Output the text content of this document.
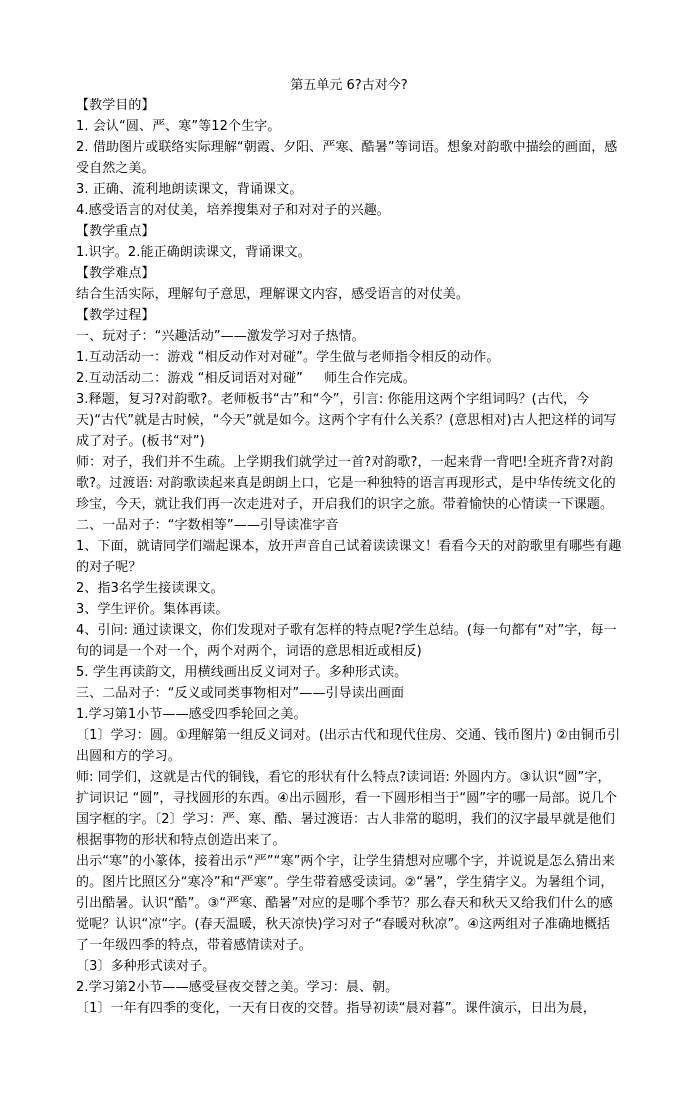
第五单元 6?古对今?
【教学目的】
1. 会认“圆、严、寒”等12个生字。
2. 借助图片或联络实际理解“朝霞、夕阳、严寒、酷暑”等词语。想象对韵歌中描绘的画面，感受自然之美。
3. 正确、流利地朗读课文，背诵课文。
4.感受语言的对仗美，培养搜集对子和对对子的兴趣。
【教学重点】
1.识字。2.能正确朗读课文，背诵课文。
【教学难点】
结合生活实际，理解句子意思，理解课文内容，感受语言的对仗美。
【教学过程】
一、玩对子：“兴趣活动”——激发学习对子热情。
1.互动活动一：游戏 “相反动作对对碰”。学生做与老师指令相反的动作。
2.互动活动二：游戏 “相反词语对对碰”     师生合作完成。
3.释题，复习?对韵歌?。老师板书“古”和“今”，引言: 你能用这两个字组词吗？(古代，今天)“古代”就是古时候，“今天”就是如今。这两个字有什么关系？(意思相对)古人把这样的词写成了对子。(板书“对”)
师：对子，我们并不生疏。上学期我们就学过一首?对韵歌?，一起来背一背吧!全班齐背?对韵歌?。过渡语: 对韵歌读起来真是朗朗上口，它是一种独特的语言再现形式，是中华传统文化的珍宝，今天，就让我们再一次走进对子，开启我们的识字之旅。带着愉快的心情读一下课题。
二、一品对子：“字数相等”——引导读准字音
1、下面，就请同学们端起课本，放开声音自己试着读读课文！看看今天的对韵歌里有哪些有趣的对子呢？
2、指3名学生接读课文。
3、学生评价。集体再读。
4、引问: 通过读课文，你们发现对子歌有怎样的特点呢?学生总结。(每一句都有“对”字，每一句的词是一个对一个，两个对两个，词语的意思相近或相反)
5. 学生再读韵文，用横线画出反义词对子。多种形式读。
三、二品对子：“反义或同类事物相对”——引导读出画面
1.学习第1小节——感受四季轮回之美。
〔1〕学习：圆。①理解第一组反义词对。(出示古代和现代住房、交通、钱币图片) ②由铜币引出圆和方的学习。
师: 同学们，这就是古代的铜钱，看它的形状有什么特点?读词语: 外圆内方。③认识“圆”字，扩词识记 “圆”，寻找圆形的东西。④出示圆形，看一下圆形相当于“圆”字的哪一局部。说几个国字框的字。〔2〕学习：严、寒、酷、暑过渡语：古人非常的聪明，我们的汉字最早就是他们根据事物的形状和特点创造出来了。
出示“寒”的小篆体，接着出示“严”“寒”两个字，让学生猜想对应哪个字，并说说是怎么猜出来的。图片比照区分“寒冷”和“严寒”。学生带着感受读词。②“暑”，学生猜字义。为暑组个词，引出酷暑。认识“酷”。③“严寒、酷暑”对应的是哪个季节？那么春天和秋天又给我们什么的感觉呢？认识“凉“字。(春天温暖，秋天凉快)学习对子“春暖对秋凉”。④这两组对子准确地概括了一年级四季的特点，带着感情读对子。
〔3〕多种形式读对子。
2.学习第2小节——感受昼夜交替之美。学习：晨、朝。
〔1〕一年有四季的变化，一天有日夜的交替。指导初读“晨对暮”。课件演示，日出为晨，
